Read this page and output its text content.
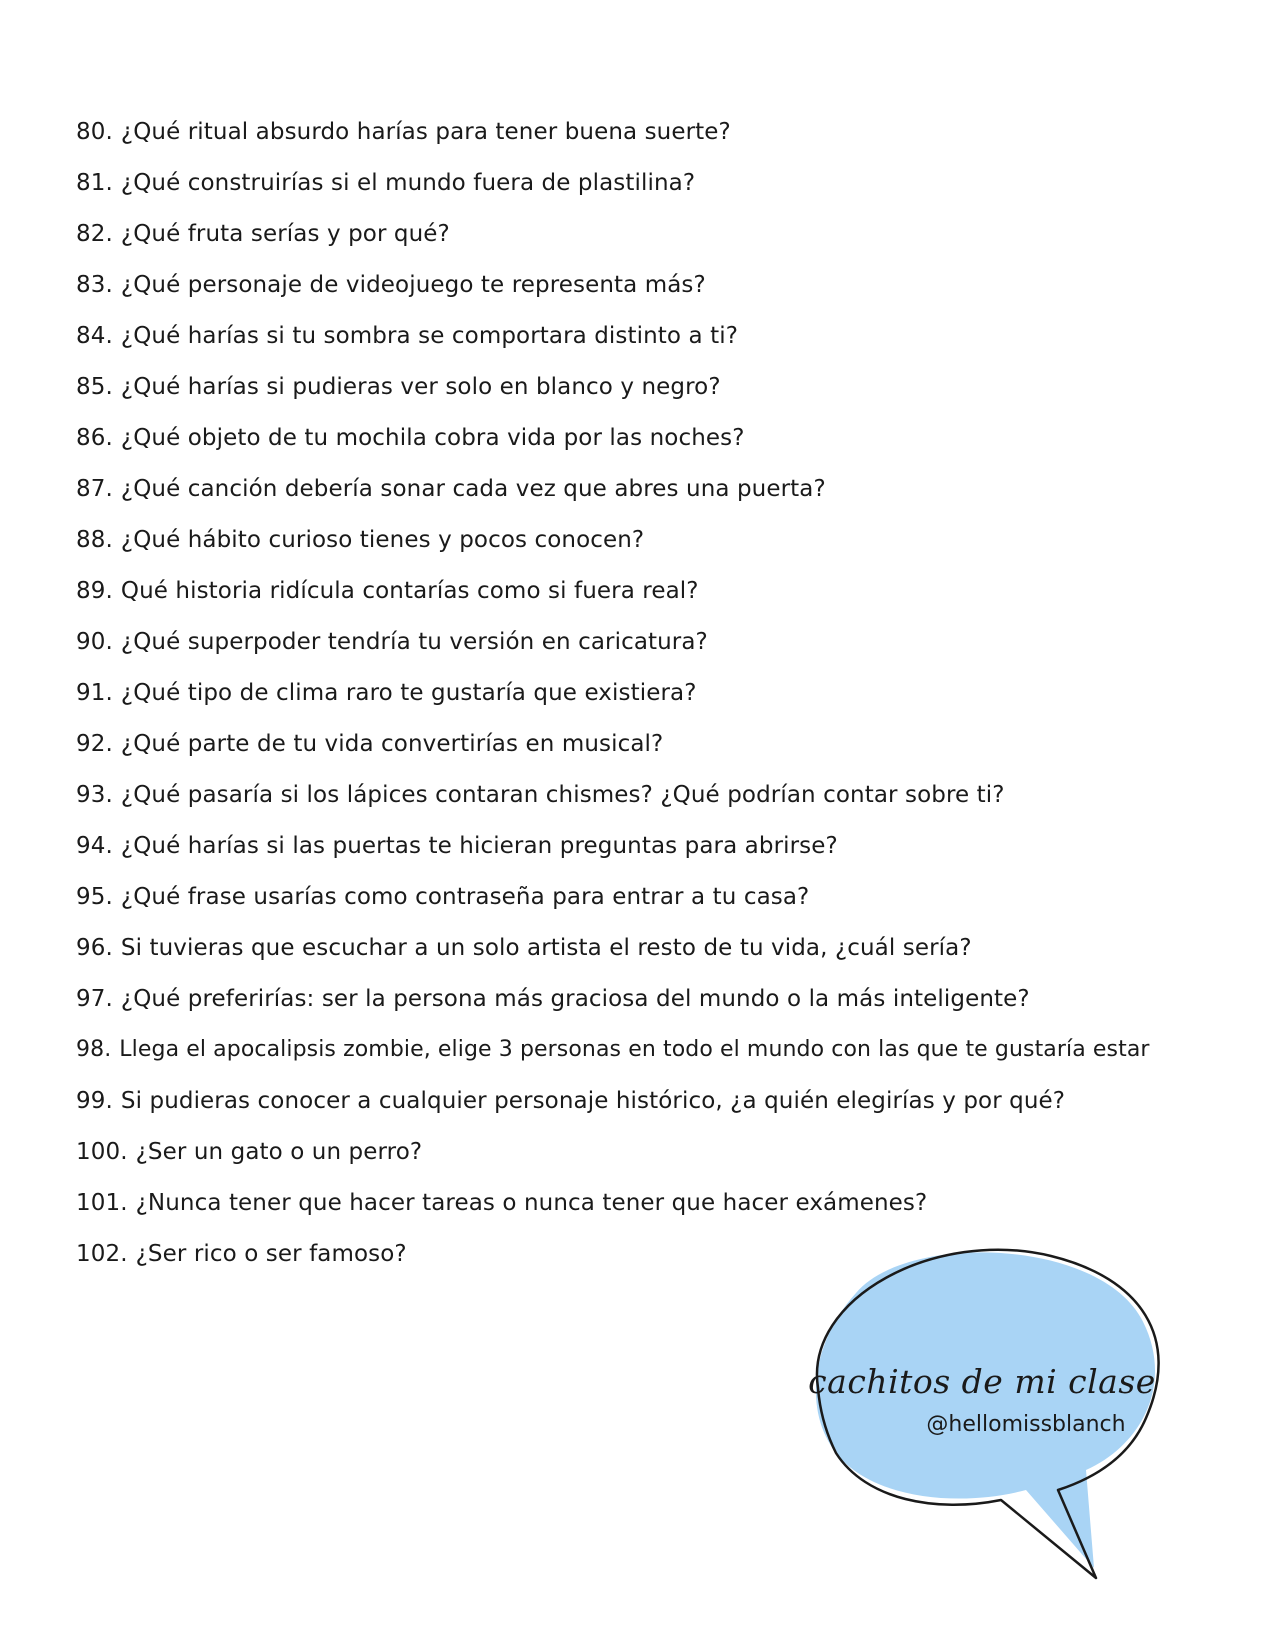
80. ¿Qué ritual absurdo harías para tener buena suerte?
81. ¿Qué construirías si el mundo fuera de plastilina?
82. ¿Qué fruta serías y por qué?
83. ¿Qué personaje de videojuego te representa más?
84. ¿Qué harías si tu sombra se comportara distinto a ti?
85. ¿Qué harías si pudieras ver solo en blanco y negro?
86. ¿Qué objeto de tu mochila cobra vida por las noches?
87. ¿Qué canción debería sonar cada vez que abres una puerta?
88. ¿Qué hábito curioso tienes y pocos conocen?
89. Qué historia ridícula contarías como si fuera real?
90. ¿Qué superpoder tendría tu versión en caricatura?
91. ¿Qué tipo de clima raro te gustaría que existiera?
92. ¿Qué parte de tu vida convertirías en musical?
93. ¿Qué pasaría si los lápices contaran chismes? ¿Qué podrían contar sobre ti?
94. ¿Qué harías si las puertas te hicieran preguntas para abrirse?
95. ¿Qué frase usarías como contraseña para entrar a tu casa?
96. Si tuvieras que escuchar a un solo artista el resto de tu vida, ¿cuál sería?
97. ¿Qué preferirías: ser la persona más graciosa del mundo o la más inteligente?
98. Llega el apocalipsis zombie, elige 3 personas en todo el mundo con las que te gustaría estar
99. Si pudieras conocer a cualquier personaje histórico, ¿a quién elegirías y por qué?
100. ¿Ser un gato o un perro?
101. ¿Nunca tener que hacer tareas o nunca tener que hacer exámenes?
102. ¿Ser rico o ser famoso?
cachitos de mi clase
@hellomissblanch
